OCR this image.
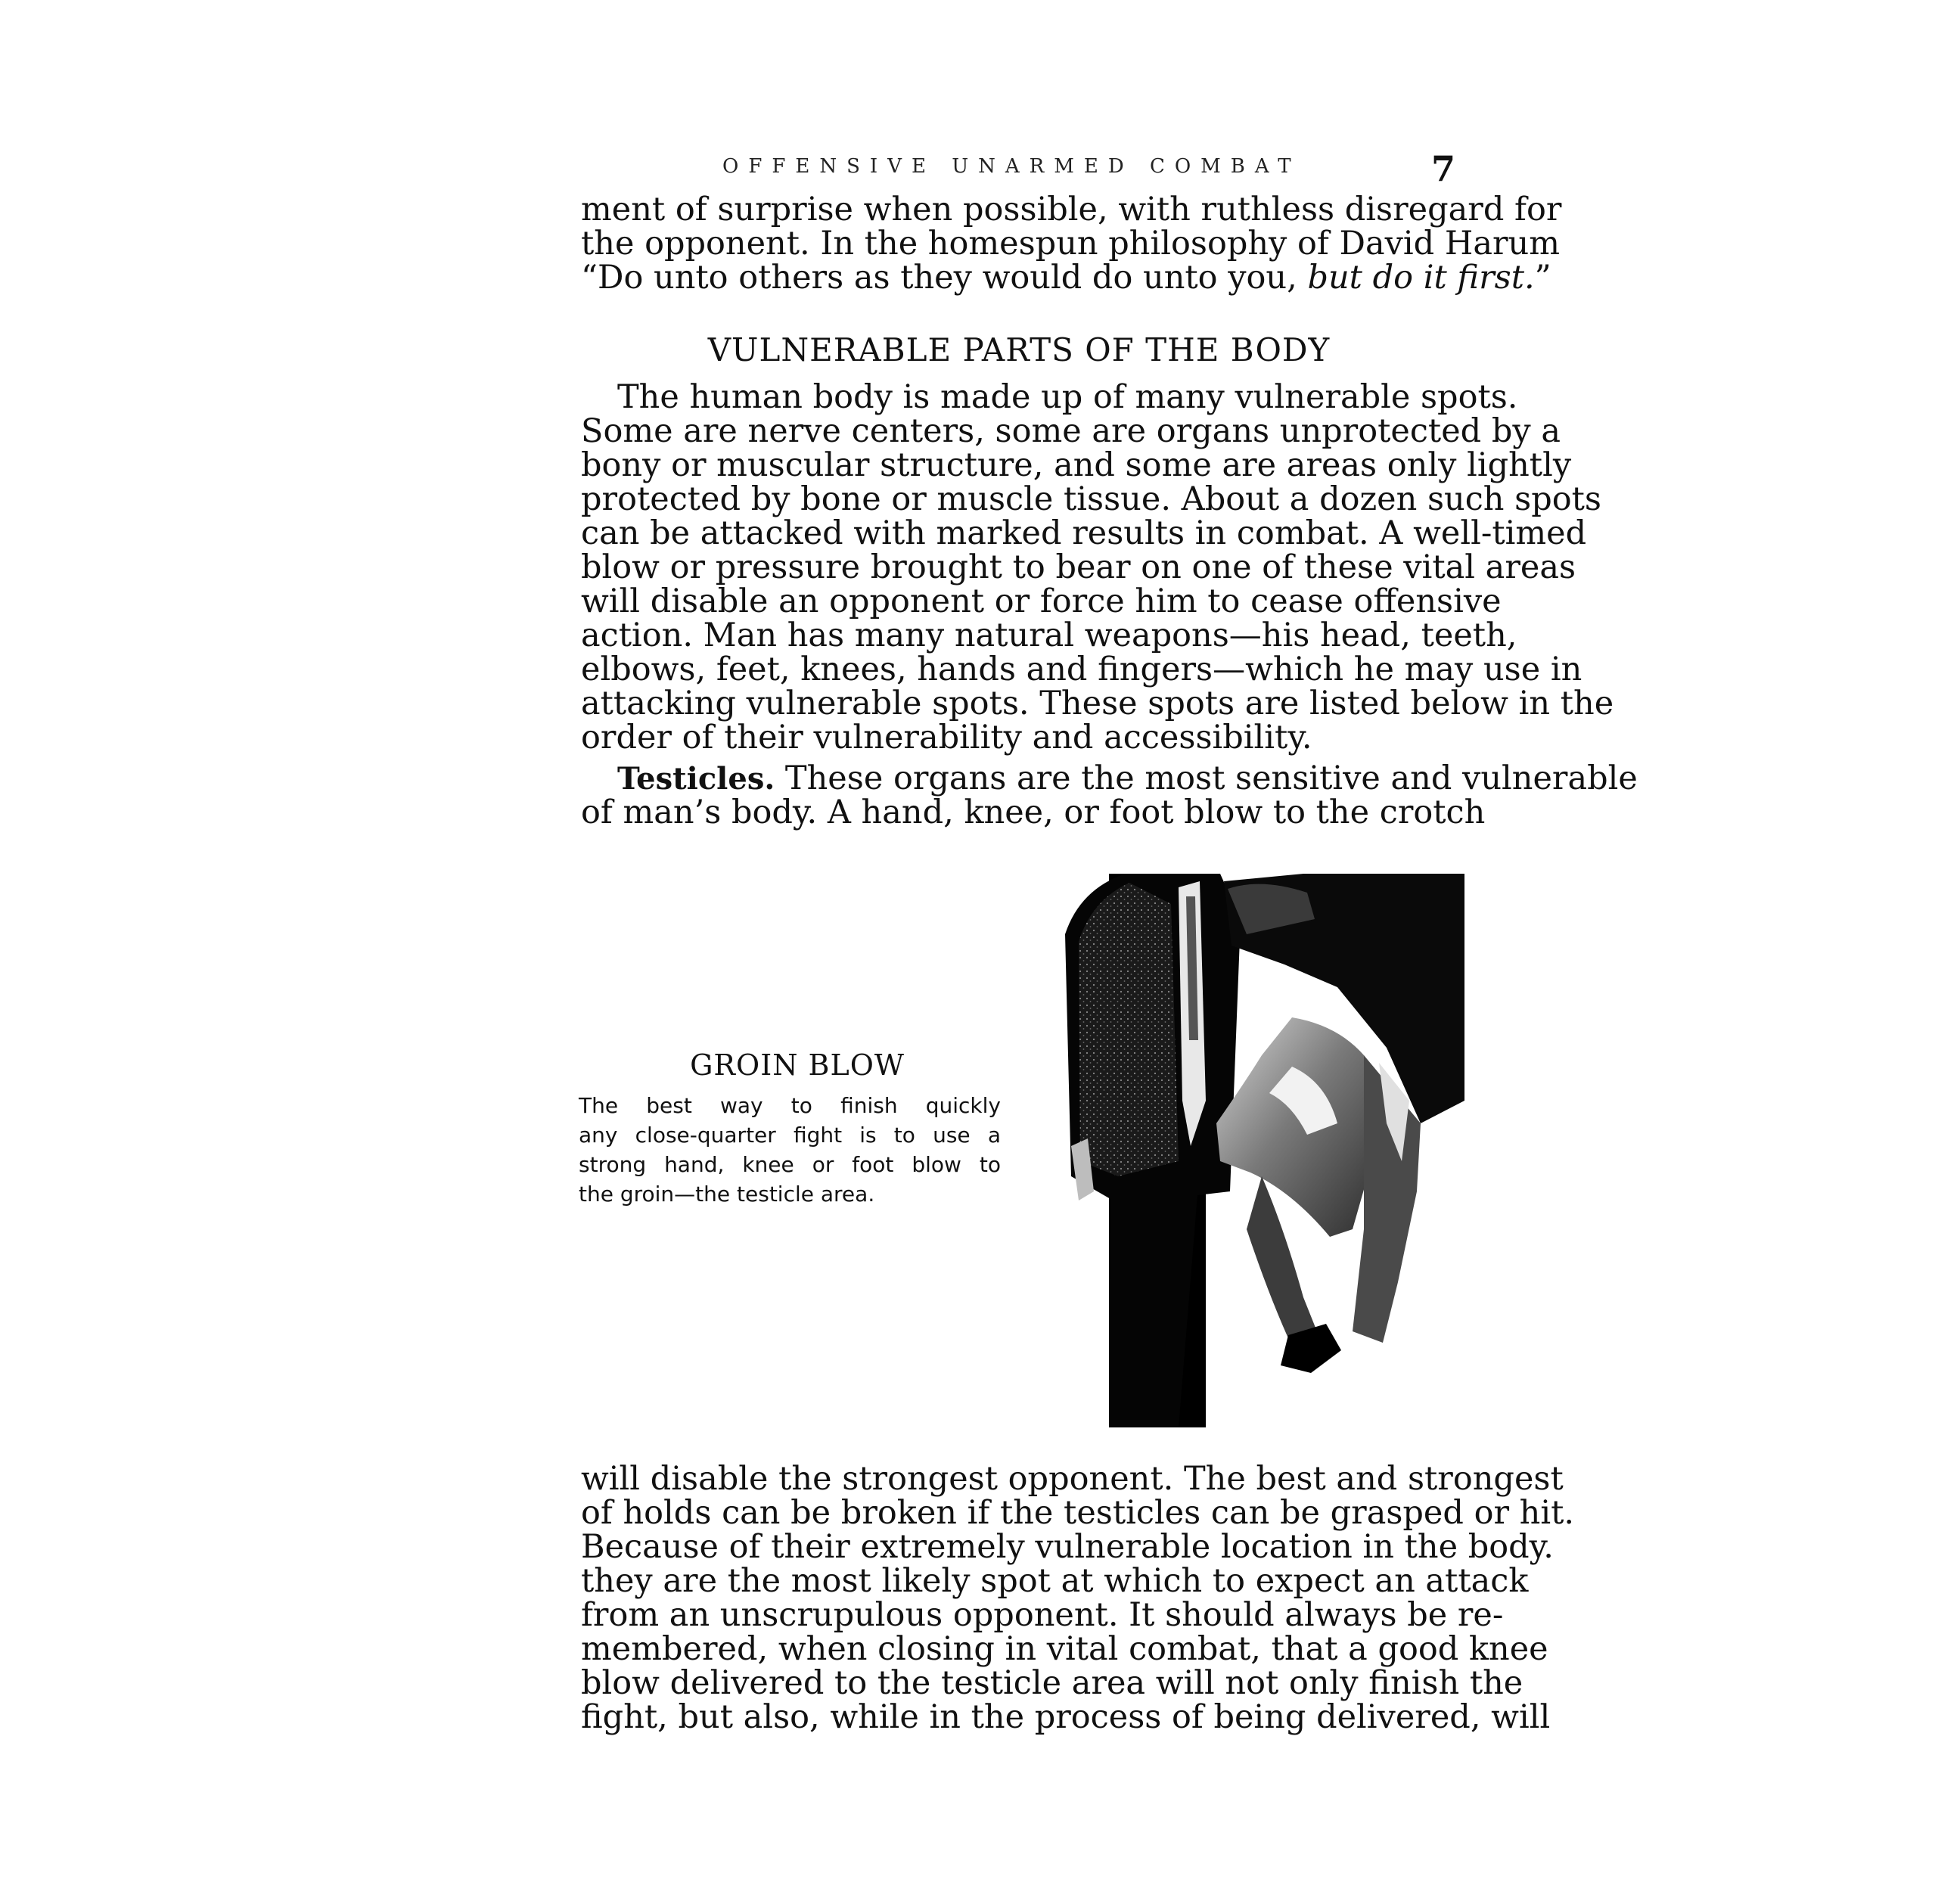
OFFENSIVE UNARMED COMBAT	7
ment of surprise when possible, with ruthless disregard for
the opponent. In the homespun philosophy of David Harum
“Do unto others as they would do unto you, but do it first.”
VULNERABLE PARTS OF THE BODY
The human body is made up of many vulnerable spots.
Some are nerve centers, some are organs unprotected by a
bony or muscular structure, and some are areas only lightly
protected by bone or muscle tissue. About a dozen such spots
can be attacked with marked results in combat. A well-timed
blow or pressure brought to bear on one of these vital areas
will disable an opponent or force him to cease offensive
action. Man has many natural weapons—his head, teeth,
elbows, feet, knees, hands and fingers—which he may use in
attacking vulnerable spots. These spots are listed below in the
order of their vulnerability and accessibility.
Testicles. These organs are the most sensitive and vulnerable
of man’s body. A hand, knee, or foot blow to the crotch
GROIN BLOW
The best way to finish quickly
any close-quarter fight is to use a
strong hand, knee or foot blow to
the groin—the testicle area.
will disable the strongest opponent. The best and strongest
of holds can be broken if the testicles can be grasped or hit.
Because of their extremely vulnerable location in the body.
they are the most likely spot at which to expect an attack
from an unscrupulous opponent. It should always be re-
membered, when closing in vital combat, that a good knee
blow delivered to the testicle area will not only finish the
fight, but also, while in the process of being delivered, will
